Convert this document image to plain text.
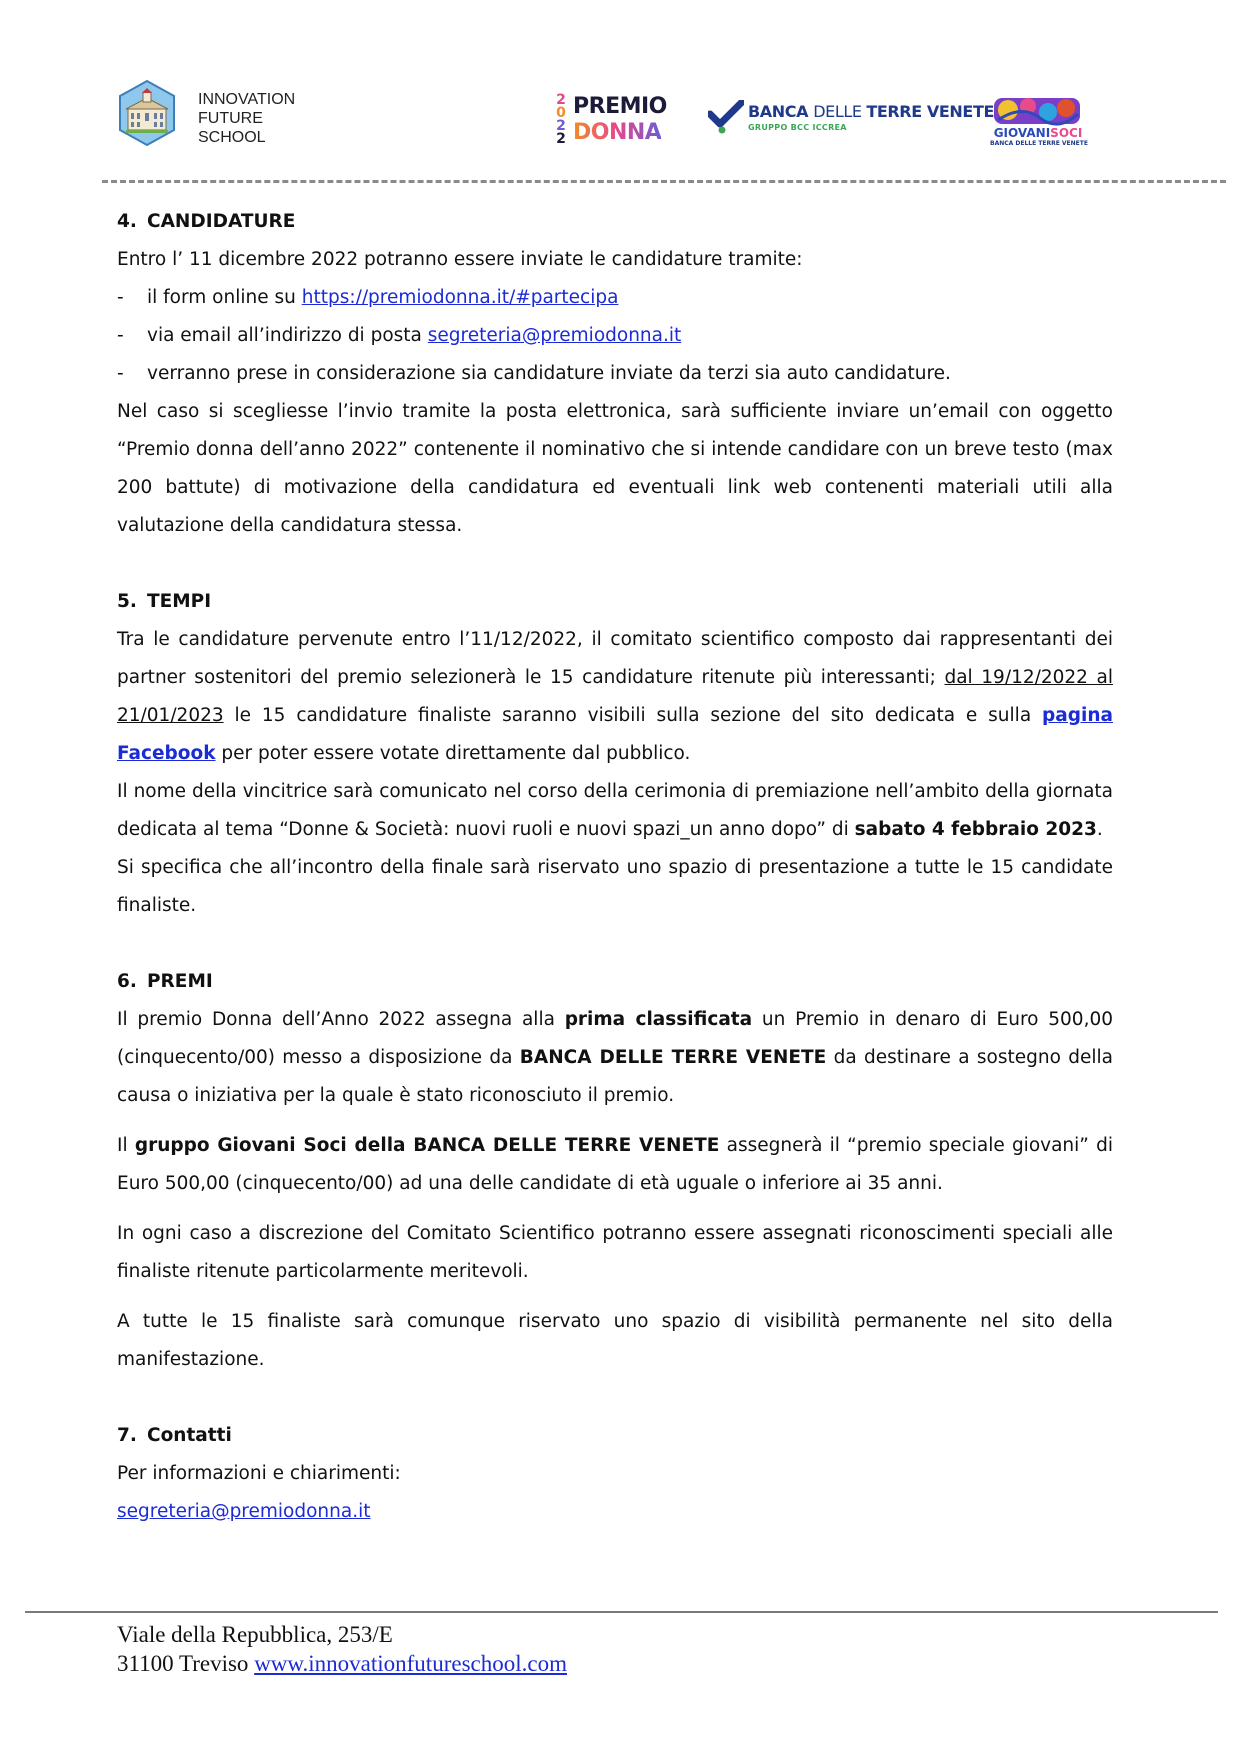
INNOVATION
FUTURE
SCHOOL
2
0
2
2
PREMIO
DONNA
BANCA DELLE TERRE VENETE
GRUPPO BCC ICCREA	GIOVANISOCI
BANCA DELLE TERRE VENETE
4. CANDIDATURE

Entro l’ 11 dicembre 2022 potranno essere inviate le candidature tramite:

-	il form online su https://premiodonna.it/#partecipa
-	via email all’indirizzo di posta segreteria@premiodonna.it
-	verranno prese in considerazione sia candidature inviate da terzi sia auto candidature.

Nel caso si scegliesse l’invio tramite la posta elettronica, sarà sufficiente inviare un’email con oggetto “Premio donna dell’anno 2022” contenente il nominativo che si intende candidare con un breve testo (max 200 battute) di motivazione della candidatura ed eventuali link web contenenti materiali utili alla valutazione della candidatura stessa.

5. TEMPI

Tra le candidature pervenute entro l’11/12/2022, il comitato scientifico composto dai rappresentanti dei partner sostenitori del premio selezionerà le 15 candidature ritenute più interessanti; dal 19/12/2022 al 21/01/2023 le 15 candidature finaliste saranno visibili sulla sezione del sito dedicata e sulla pagina Facebook per poter essere votate direttamente dal pubblico.

Il nome della vincitrice sarà comunicato nel corso della cerimonia di premiazione nell’ambito della giornata dedicata al tema “Donne & Società: nuovi ruoli e nuovi spazi_un anno dopo” di sabato 4 febbraio 2023.

Si specifica che all’incontro della finale sarà riservato uno spazio di presentazione a tutte le 15 candidate finaliste.

6. PREMI

Il premio Donna dell’Anno 2022 assegna alla prima classificata un Premio in denaro di Euro 500,00 (cinquecento/00) messo a disposizione da BANCA DELLE TERRE VENETE da destinare a sostegno della causa o iniziativa per la quale è stato riconosciuto il premio.

Il gruppo Giovani Soci della BANCA DELLE TERRE VENETE assegnerà il “premio speciale giovani” di Euro 500,00 (cinquecento/00) ad una delle candidate di età uguale o inferiore ai 35 anni.

In ogni caso a discrezione del Comitato Scientifico potranno essere assegnati riconoscimenti speciali alle finaliste ritenute particolarmente meritevoli.

A tutte le 15 finaliste sarà comunque riservato uno spazio di visibilità permanente nel sito della manifestazione.

7. Contatti

Per informazioni e chiarimenti:

segreteria@premiodonna.it

Viale della Repubblica, 253/E
31100 Treviso www.innovationfutureschool.com
